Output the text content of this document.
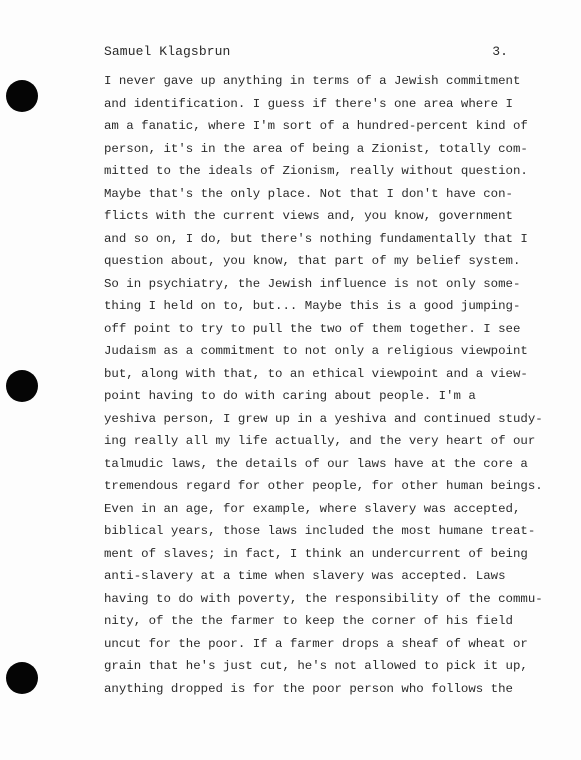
Samuel Klagsbrun	3.
I never gave up anything in terms of a Jewish commitment
and identification. I guess if there's one area where I
am a fanatic, where I'm sort of a hundred-percent kind of
person, it's in the area of being a Zionist, totally com-
mitted to the ideals of Zionism, really without question.
Maybe that's the only place. Not that I don't have con-
flicts with the current views and, you know, government
and so on, I do, but there's nothing fundamentally that I
question about, you know, that part of my belief system.
So in psychiatry, the Jewish influence is not only some-
thing I held on to, but... Maybe this is a good jumping-
off point to try to pull the two of them together. I see
Judaism as a commitment to not only a religious viewpoint
but, along with that, to an ethical viewpoint and a view-
point having to do with caring about people. I'm a
yeshiva person, I grew up in a yeshiva and continued study-
ing really all my life actually, and the very heart of our
talmudic laws, the details of our laws have at the core a
tremendous regard for other people, for other human beings.
Even in an age, for example, where slavery was accepted,
biblical years, those laws included the most humane treat-
ment of slaves; in fact, I think an undercurrent of being
anti-slavery at a time when slavery was accepted. Laws
having to do with poverty, the responsibility of the commu-
nity, of the the farmer to keep the corner of his field
uncut for the poor. If a farmer drops a sheaf of wheat or
grain that he's just cut, he's not allowed to pick it up,
anything dropped is for the poor person who follows the
